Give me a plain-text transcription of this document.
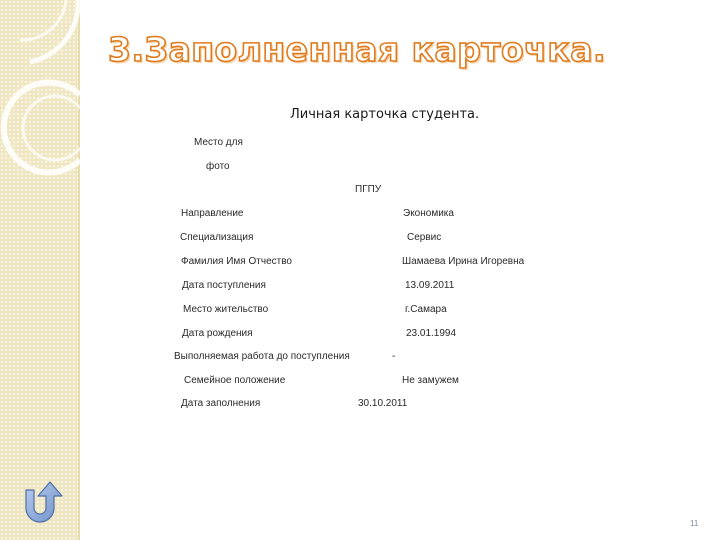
3.Заполненная карточка.
Личная карточка студента.
Место для
фото
ПГПУ
Направление	Экономика
Специализация	Сервис
Фамилия Имя Отчество	Шамаева Ирина Игоревна
Дата поступления	13.09.2011
Место жительство	г.Самара
Дата рождения	23.01.1994
Выполняемая работа до поступления	-
Семейное положение	Не замужем
Дата заполнения	30.10.2011
11
